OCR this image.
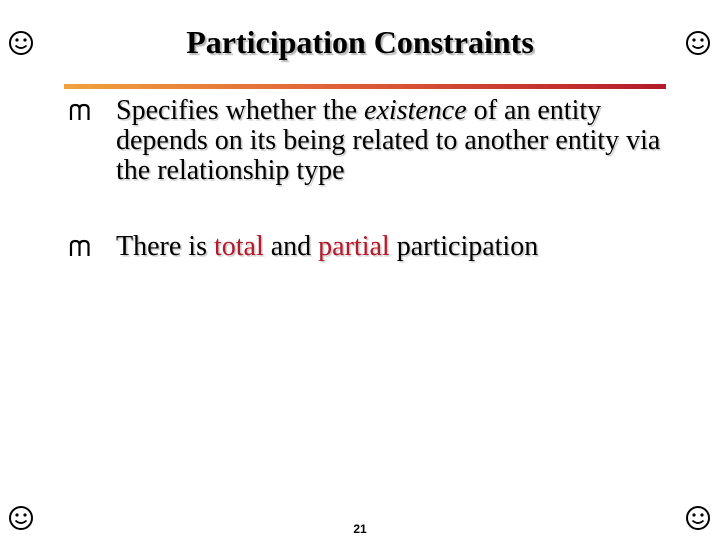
Participation Constraints
Specifies whether the existence of an entity depends on its being related to another entity via the relationship type
There is total and partial participation
21
